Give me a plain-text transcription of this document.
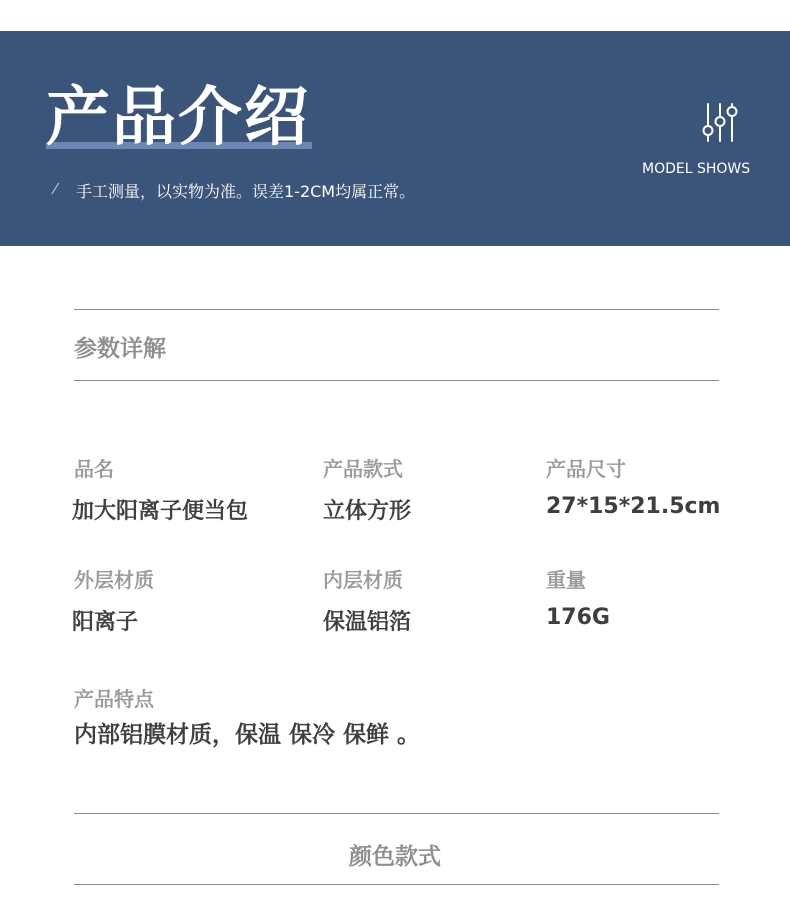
产品介绍
⁄ 手工测量，以实物为准。误差1-2CM均属正常。
MODEL SHOWS
参数详解
品名
加大阳离子便当包
产品款式
立体方形
产品尺寸
27*15*21.5cm
外层材质
阳离子
内层材质
保温铝箔
重量
176G
产品特点
内部铝膜材质，保温 保冷 保鲜 。
颜色款式
